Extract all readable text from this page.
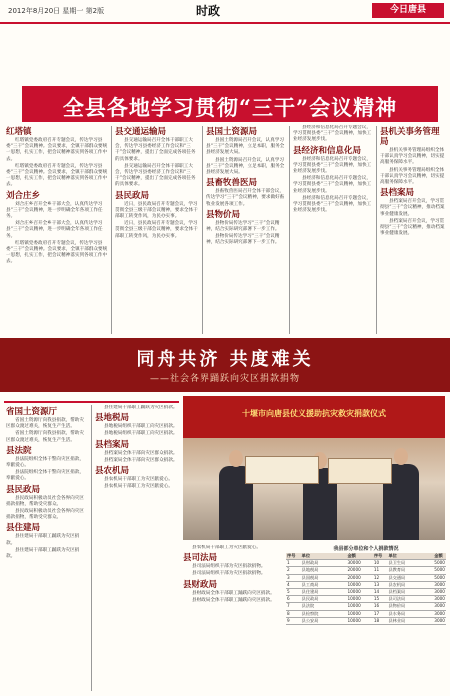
2012年8月20日 星期一 第2版	时政	今日唐县
全县各地学习贯彻“三干”会议精神
红塔镇

红塔镇党委政府召开专题会议，传达学习县委“三干”会议精神。会议要求，全镇干部群众要统一思想，扎实工作，把会议精神落实到各项工作中去。

红塔镇党委政府召开专题会议，传达学习县委“三干”会议精神。会议要求，全镇干部群众要统一思想，扎实工作，把会议精神落实到各项工作中去。

刘合庄乡

刘合庄乡召开全乡干部大会，认真传达学习县“三干”会议精神，进一步明确全年各项工作任务。

刘合庄乡召开全乡干部大会，认真传达学习县“三干”会议精神，进一步明确全年各项工作任务。

红塔镇党委政府召开专题会议，传达学习县委“三干”会议精神。会议要求，全镇干部群众要统一思想，扎实工作，把会议精神落实到各项工作中去。

县交通运输局

县交通运输局召开全体干部职工大会，传达学习县委经济工作会议和“三干”会议精神，提出了全面完成各项任务的具体要求。

县交通运输局召开全体干部职工大会，传达学习县委经济工作会议和“三干”会议精神，提出了全面完成各项任务的具体要求。

县民政局

近日，县民政局召开专题会议，学习贯彻全县三级干部会议精神，要求全体干部职工转变作风，为民办实事。

近日，县民政局召开专题会议，学习贯彻全县三级干部会议精神，要求全体干部职工转变作风，为民办实事。

县国土资源局

县国土资源局召开会议，认真学习县“三干”会议精神，立足本职，服务全县经济发展大局。

县国土资源局召开会议，认真学习县“三干”会议精神，立足本职，服务全县经济发展大局。

县畜牧兽医局

县畜牧兽医局召开全体干部会议，传达学习“三干”会议精神，要求做好畜牧业发展各项工作。

县物价局

县物价局传达学习“三干”会议精神，结合实际研究部署下一步工作。

县物价局传达学习“三干”会议精神，结合实际研究部署下一步工作。

县经济和信息化局召开专题会议，学习贯彻县委“三干”会议精神，加快工业经济发展步伐。

县经济和信息化局

县经济和信息化局召开专题会议，学习贯彻县委“三干”会议精神，加快工业经济发展步伐。

县经济和信息化局召开专题会议，学习贯彻县委“三干”会议精神，加快工业经济发展步伐。

县经济和信息化局召开专题会议，学习贯彻县委“三干”会议精神，加快工业经济发展步伐。

县机关事务管理局

县机关事务管理局组织全体干部认真学习会议精神，切实提高服务保障水平。

县机关事务管理局组织全体干部认真学习会议精神，切实提高服务保障水平。

县档案局

县档案局召开会议，学习贯彻县“三干”会议精神，推动档案事业健康发展。

县档案局召开会议，学习贯彻县“三干”会议精神，推动档案事业健康发展。

同舟共济 共度难关
——社会各界踊跃向灾区捐款捐物
省国土资源厅

省国土资源厅向我县捐款，帮助灾区群众渡过难关，恢复生产生活。

省国土资源厅向我县捐款，帮助灾区群众渡过难关，恢复生产生活。

县法院

县法院组织全体干警向灾区捐款，奉献爱心。

县法院组织全体干警向灾区捐款，奉献爱心。

县民政局

县民政局积极动员社会各界向灾区捐款捐物，帮助受灾群众。

县民政局积极动员社会各界向灾区捐款捐物，帮助受灾群众。

县住建局

县住建局干部职工踊跃为灾区捐款。

县住建局干部职工踊跃为灾区捐款。

县住建局干部职工踊跃为灾区捐款。

县地税局

县地税局组织干部职工向灾区捐款。

县地税局组织干部职工向灾区捐款。

县档案局

县档案局全体干部向灾区群众捐款。

县档案局全体干部向灾区群众捐款。

县农机局

县农机局干部职工为灾区献爱心。

县农机局干部职工为灾区献爱心。

十堰市向唐县仗义援助抗灾救灾捐款仪式

县农机局干部职工为灾区献爱心。

县司法局

县司法局组织干部为灾区捐款捐物。

县司法局组织干部为灾区捐款捐物。

县财政局

县财政局全体干部职工踊跃向灾区捐款。

县财政局全体干部职工踊跃向灾区捐款。

我县部分单位和个人捐款情况
序号	单位	金额	序号	单位	金额
1	县财政局	30000	10	县卫生局	5000
2	县地税局	20000	11	县教育局	5000
3	县国税局	20000	12	县交通局	5000
4	县工商局	10000	13	县农机局	3000
5	县住建局	10000	14	县档案局	3000
6	县民政局	10000	15	县司法局	3000
7	县法院	10000	16	县物价局	3000
8	县检察院	10000	17	县水务局	3000
9	县公安局	10000	18	县林业局	3000
